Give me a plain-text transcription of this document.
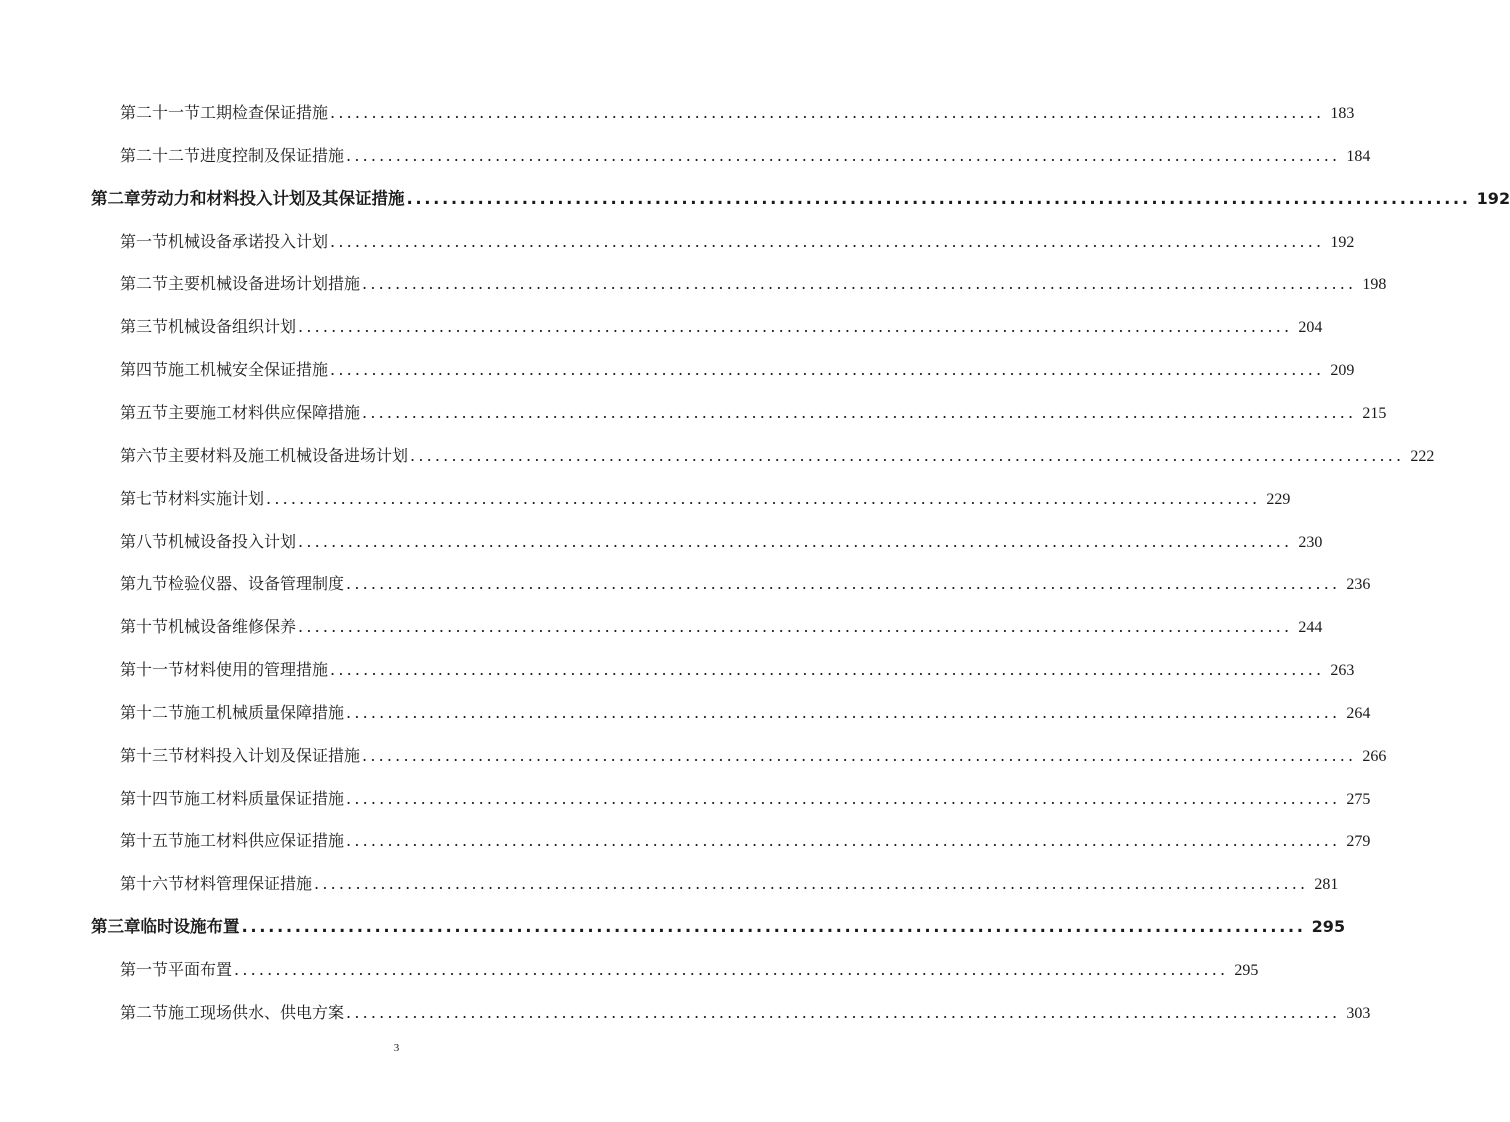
第二十一节 工期检查保证措施 ........................................................................................................................ 183
第二十二节 进度控制及保证措施 ........................................................................................................................ 184
第二章 劳动力和材料投入计划及其保证措施 ........................................................................................................................ 192
第一节 机械设备承诺投入计划 ........................................................................................................................ 192
第二节 主要机械设备进场计划措施 ........................................................................................................................ 198
第三节 机械设备组织计划 ........................................................................................................................ 204
第四节 施工机械安全保证措施 ........................................................................................................................ 209
第五节 主要施工材料供应保障措施 ........................................................................................................................ 215
第六节 主要材料及施工机械设备进场计划 ........................................................................................................................ 222
第七节 材料实施计划 ........................................................................................................................ 229
第八节 机械设备投入计划 ........................................................................................................................ 230
第九节 检验仪器、设备管理制度 ........................................................................................................................ 236
第十节 机械设备维修保养 ........................................................................................................................ 244
第十一节 材料使用的管理措施 ........................................................................................................................ 263
第十二节 施工机械质量保障措施 ........................................................................................................................ 264
第十三节 材料投入计划及保证措施 ........................................................................................................................ 266
第十四节 施工材料质量保证措施 ........................................................................................................................ 275
第十五节 施工材料供应保证措施 ........................................................................................................................ 279
第十六节 材料管理保证措施 ........................................................................................................................ 281
第三章 临时设施布置 ........................................................................................................................ 295
第一节 平面布置 ........................................................................................................................ 295
第二节 施工现场供水、供电方案 ........................................................................................................................ 303
3
